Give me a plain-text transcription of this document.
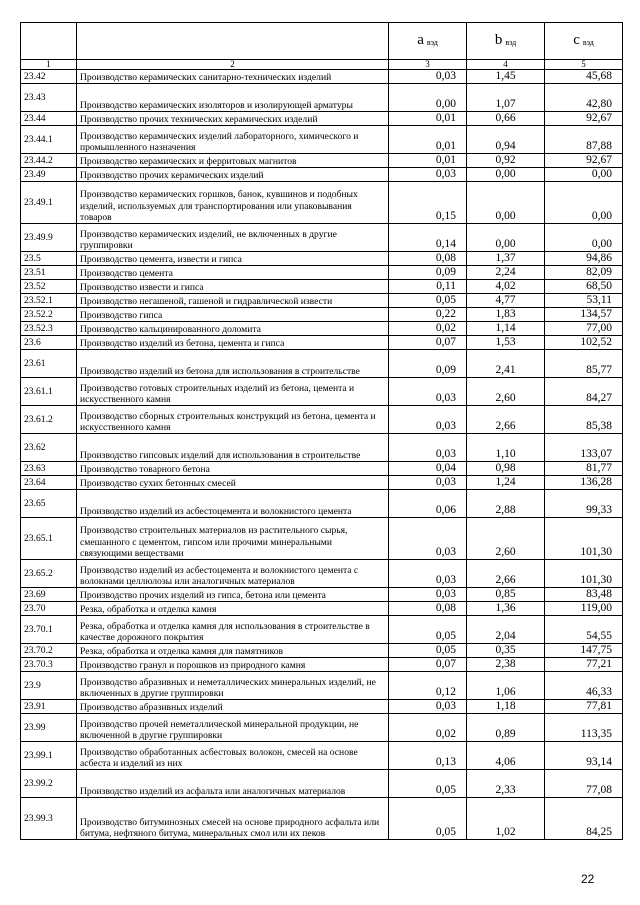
		a $_{вэд}$	b $_{вэд}$	c $_{вэд}$
1	2	3	4	5
23.42	Производство керамических санитарно-технических изделий	0,03	1,45	45,68
23.43	Производство керамических изоляторов и изолирующей арматуры	0,00	1,07	42,80
23.44	Производство прочих технических керамических изделий	0,01	0,66	92,67
23.44.1	Производство керамических изделий лабораторного, химического и промышленного назначения	0,01	0,94	87,88
23.44.2	Производство керамических и ферритовых магнитов	0,01	0,92	92,67
23.49	Производство прочих керамических изделий	0,03	0,00	0,00
23.49.1	Производство керамических горшков, банок, кувшинов и подобных изделий, используемых для транспортирования или упаковывания товаров	0,15	0,00	0,00
23.49.9	Производство керамических изделий, не включенных в другие группировки	0,14	0,00	0,00
23.5	Производство цемента, извести и гипса	0,08	1,37	94,86
23.51	Производство цемента	0,09	2,24	82,09
23.52	Производство извести и гипса	0,11	4,02	68,50
23.52.1	Производство негашеной, гашеной и гидравлической извести	0,05	4,77	53,11
23.52.2	Производство гипса	0,22	1,83	134,57
23.52.3	Производство кальцинированного доломита	0,02	1,14	77,00
23.6	Производство изделий из бетона, цемента и гипса	0,07	1,53	102,52
23.61	Производство изделий из бетона для использования в строительстве	0,09	2,41	85,77
23.61.1	Производство готовых строительных изделий из бетона, цемента и искусственного камня	0,03	2,60	84,27
23.61.2	Производство сборных строительных конструкций из бетона, цемента и искусственного камня	0,03	2,66	85,38
23.62	Производство гипсовых изделий для использования в строительстве	0,03	1,10	133,07
23.63	Производство товарного бетона	0,04	0,98	81,77
23.64	Производство сухих бетонных смесей	0,03	1,24	136,28
23.65	Производство изделий из асбестоцемента и волокнистого цемента	0,06	2,88	99,33
23.65.1	Производство строительных материалов из растительного сырья, смешанного с цементом, гипсом или прочими минеральными связующими веществами	0,03	2,60	101,30
23.65.2	Производство изделий из асбестоцемента и волокнистого цемента с волокнами целлюлозы или аналогичных материалов	0,03	2,66	101,30
23.69	Производство прочих изделий из гипса, бетона или цемента	0,03	0,85	83,48
23.70	Резка, обработка и отделка камня	0,08	1,36	119,00
23.70.1	Резка, обработка и отделка камня для использования в строительстве в качестве дорожного покрытия	0,05	2,04	54,55
23.70.2	Резка, обработка и отделка камня для памятников	0,05	0,35	147,75
23.70.3	Производство гранул и порошков из природного камня	0,07	2,38	77,21
23.9	Производство абразивных и неметаллических минеральных изделий, не включенных в другие группировки	0,12	1,06	46,33
23.91	Производство абразивных изделий	0,03	1,18	77,81
23.99	Производство прочей неметаллической минеральной продукции, не включенной в другие группировки	0,02	0,89	113,35
23.99.1	Производство обработанных асбестовых волокон, смесей на основе асбеста и изделий из них	0,13	4,06	93,14
23.99.2	Производство изделий из асфальта или аналогичных материалов	0,05	2,33	77,08
23.99.3	Производство битуминозных смесей на основе природного асфальта или битума, нефтяного битума, минеральных смол или их пеков	0,05	1,02	84,25
22
